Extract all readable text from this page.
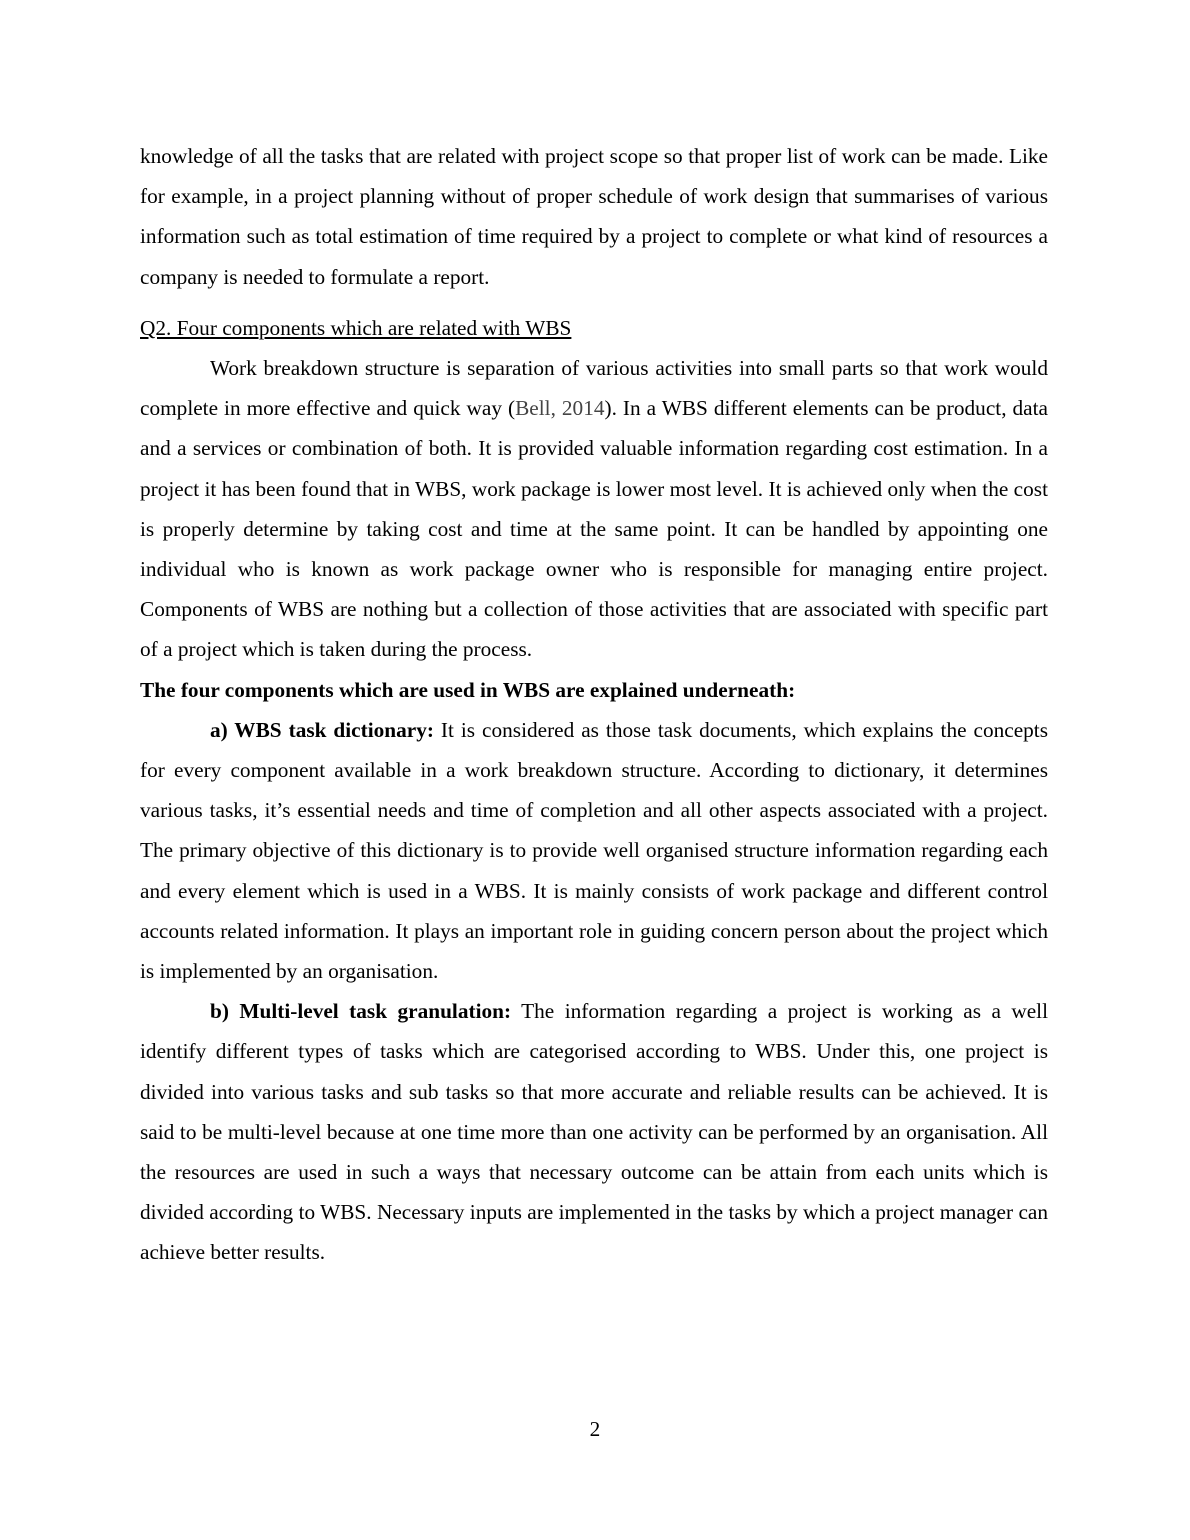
knowledge of all the tasks that are related with project scope so that proper list of work can be made. Like for example, in a project planning without of proper schedule of work design that summarises of various information such as total estimation of time required by a project to complete or what kind of resources a company is needed to formulate a report.

Q2. Four components which are related with WBS

Work breakdown structure is separation of various activities into small parts so that work would complete in more effective and quick way (Bell, 2014). In a WBS different elements can be product, data and a services or combination of both. It is provided valuable information regarding cost estimation. In a project it has been found that in WBS, work package is lower most level. It is achieved only when the cost is properly determine by taking cost and time at the same point. It can be handled by appointing one individual who is known as work package owner who is responsible for managing entire project. Components of WBS are nothing but a collection of those activities that are associated with specific part of a project which is taken during the process.

The four components which are used in WBS are explained underneath:

a) WBS task dictionary: It is considered as those task documents, which explains the concepts for every component available in a work breakdown structure. According to dictionary, it determines various tasks, it’s essential needs and time of completion and all other aspects associated with a project. The primary objective of this dictionary is to provide well organised structure information regarding each and every element which is used in a WBS. It is mainly consists of work package and different control accounts related information. It plays an important role in guiding concern person about the project which is implemented by an organisation.

b) Multi-level task granulation: The information regarding a project is working as a well identify different types of tasks which are categorised according to WBS. Under this, one project is divided into various tasks and sub tasks so that more accurate and reliable results can be achieved. It is said to be multi-level because at one time more than one activity can be performed by an organisation. All the resources are used in such a ways that necessary outcome can be attain from each units which is divided according to WBS. Necessary inputs are implemented in the tasks by which a project manager can achieve better results.

2
